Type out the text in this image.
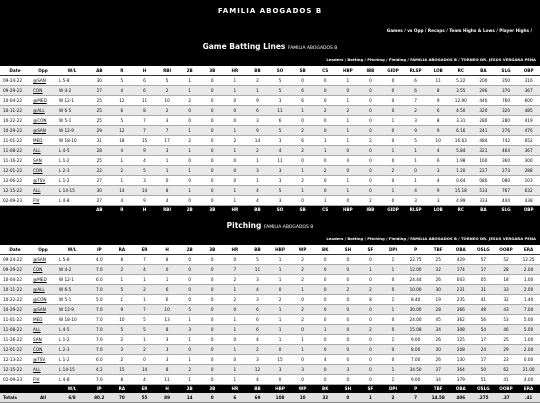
FAMILIA ABOGADOS B
Games / vs Opp / Recaps / Team Highs & Lows / Player Highs /
Game Batting Lines FAMILIA ABOGADOS B
Leaders / Batting / Pitching / Fielding / FAMILIA ABOGADOS B / TORNEO DR. JESUS VERGARA PENA
Date	Opp	W/L	AB	R	H	RBI	2B	3B	HR	BB	SO	SB	CS	HBP	IBB	GIDP	RLSP	LOB	RC	BA	SLG	OBP
09-24-22	@SAN	L 5-8	30	5	6	5	1	0	1	2	5	0	0	1	0	0	6	11	5.22	200	350	316
09-29-22	CON	W 4-2	27	4	6	2	1	0	1	1	5	6	0	0	0	0	6	8	3.55	296	370	367
10-04-22	@MED	W 12-1	25	12	11	10	2	0	0	9	3	6	0	1	0	0	7	9	12.90	440	760	600
10-11-22	@ALL	W 6-5	25	6	8	2	0	0	0	6	11	1	2	2	0	0	2	6	4.50	320	320	485
10-22-22	@CON	W 5-1	25	5	7	3	0	0	0	3	6	0	0	1	0	1	3	8	3.31	280	280	419
10-29-22	@SAN	W 12-9	29	12	7	7	1	0	1	9	5	2	0	1	0	0	9	9	6.16	241	276	476
11-01-22	MED	W 18-10	31	18	15	17	2	0	2	14	3	6	1	1	2	0	5	10	16.63	484	742	652
11-08-22	ALL	L 4-5	28	4	9	3	1	0	1	2	4	2	1	0	0	1	1	4	5.84	321	464	367
11-16-22	SAN	L 1-2	25	1	4	1	0	0	0	1	11	0	0	4	0	0	1	6	1.98	160	360	300
12-01-22	CON	L 2-3	22	2	5	1	1	0	0	3	3	1	2	0	0	2	0	3	1.20	227	273	288
12-06-22	@TSV	L 1-2	27	1	3	0	0	0	0	1	3	2	0	1	0	0	1	4	0.64	080	080	103
12-15-22	ALL	L 14-15	30	14	14	8	1	0	1	4	5	1	0	1	0	1	4	9	15.18	533	767	632
02-09-23	FIV	L 4-8	27	4	9	4	0	0	1	4	3	0	1	0	2	0	3	3	4.99	333	444	438
			AB	R	H	RBI	2B	3B	HR	BB	SO	SB	CS	HBP	IBB	GIDP	RLSP	LOB	RC	BA	SLG	OBP
Totals			339	88	107	70	12	1					15	2	7	51	100	72.55	.316	.419	.460	
Pitching FAMILIA ABOGADOS B
Leaders / Batting / Pitching / Fielding / FAMILIA ABOGADOS B / TORNEO DR. JESUS VERGARA PENA
Date	Opp	W/L	IP	RA	ER	H	2B	3B	HR	BB	HBP	WP	BK	SH	SF	DPI	P	TBF	OBA	OSLG	OOBP	ERA	
09-24-22	@SAN	L 5-8	4.0	8	7	8	0	0	0	5	1	2	0	0	0	1	22.75	25	429	57	52	12.25	
09-29-22	CON	W 4-2	7.0	2	4	0	0	0	7	11	1	2	0	0	1	1	12.00	32	174	17	28	2.00	
10-04-22	@MED	W 12-1	6.0	1	1	1	0	0	2	3	1	2	0	0	0	0	24.44	26	043	05	18	1.00	
10-11-22	@ALL	W 6-5	7.0	5	2	6	0	0	1	4	0	1	0	2	2	0	10.00	30	231	31	33	2.00	
10-22-22	@CON	W 5-1	5.0	1	1	6	0	0	2	3	2	0	0	0	8	1	8.40	19	235	41	32	1.40	
10-29-22	@SAN	W 12-9	7.0	9	7	10	5	0	0	6	1	2	0	0	0	1	30.00	28	366	48	43	7.00	
11-01-22	MED	W 18-10	7.0	10	5	13	1	0	1	6	1	2	0	0	0	0	24.00	45	362	56	53	5.00	
11-08-22	ALL	L 4-5	7.0	5	5	8	3	0	1	6	1	0	1	0	2	0	15.08	34	308	54	46	5.00	
11-26-22	SAN	L 1-2	7.0	2	1	3	1	0	0	4	1	1	0	0	0	1	9.00	26	125	17	25	1.00	
12-01-22	CON	L 2-3	7.0	3	2	3	0	0	1	2	0	1	0	0	0	0	8.00	30	208	24	29	2.00	
12-13-22	@TSV	L 1-2	6.0	2	0	3	1	0	0	3	15	0	4	0	0	0	7.00	26	130	17	23	0.00	
12-15-22	ALL	L 14-15	4.2	15	14	8	2	0	1	12	3	3	0	3	0	1	34.50	37	364	50	62	21.00	
02-09-23	FIV	L 4-8	7.0	8	4	11	1	0	1	4	0	0	0	0	0	1	9.00	34	379	51	41	4.00	
		W/L	IP	RA	ER	H	2B	3B	HR	BB	HBP	WP	BK	SH	SF	DPI	P	TBF	OBA	OSLG	OOBP	ERA	
Totals	All	6/8	80.2	70	55	89	14	0	6	69	108	10	32	0	1	2	7	14.58	406	.275	.37	.41	
